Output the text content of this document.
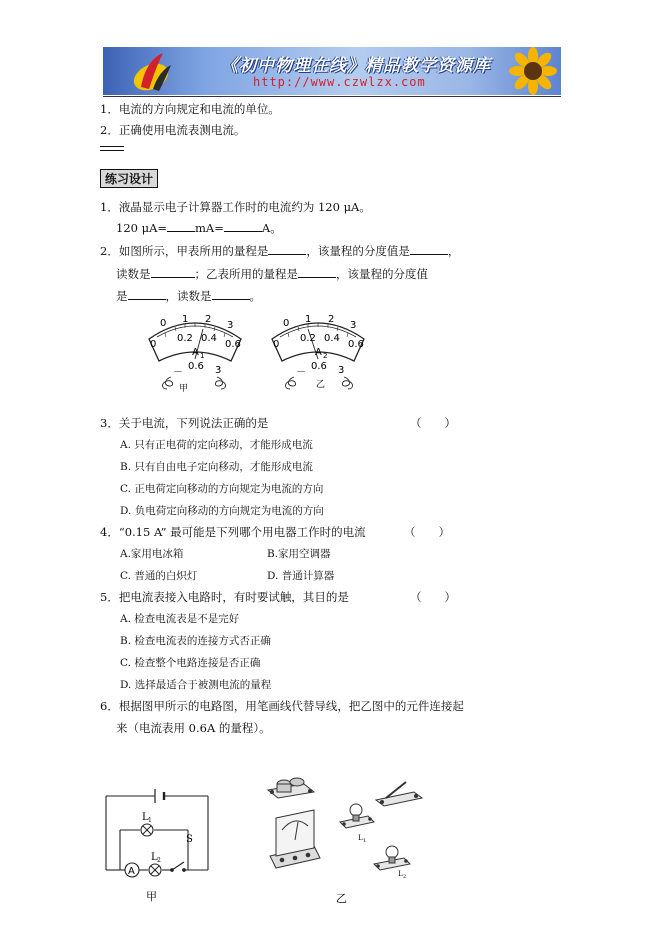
《初中物理在线》精品教学资源库
http://www.czwlzx.com
1．电流的方向规定和电流的单位。
2．正确使用电流表测电流。
练习设计
1．液晶显示电子计算器工作时的电流约为 120 μA。
120 μA= mA=	A。
2．如图所示，甲表所用的量程是	，该量程的分度值是	，
读数是	；乙表所用的量程是	，该量程的分度值
是	，读数是	。
0 1 2
3
0
0.2 0.4
0.6
A 1
－
0.6 3
甲
0 1 2
3
0
0.2 0.4
0.6
A 2
－
0.6 3
乙
3．关于电流，下列说法正确的是	（　　）
A. 只有正电荷的定向移动，才能形成电流
B. 只有自由电子定向移动，才能形成电流
C. 正电荷定向移动的方向规定为电流的方向
D. 负电荷定向移动的方向规定为电流的方向
4．“0.15 A” 最可能是下列哪个用电器工作时的电流	（　　）
A.家用电冰箱	B.家用空调器
C. 普通的白炽灯	D. 普通计算器
5．把电流表接入电路时，有时要试触，其目的是	（　　）
A. 检查电流表是不是完好
B. 检查电流表的连接方式否正确
C. 检查整个电路连接是否正确
D. 选择最适合于被测电流的量程
6．根据图甲所示的电路图，用笔画线代替导线，把乙图中的元件连接起
来（电流表用 0.6A 的量程）。
L 1
A
L 2
S
甲
L 1
L 2
乙
